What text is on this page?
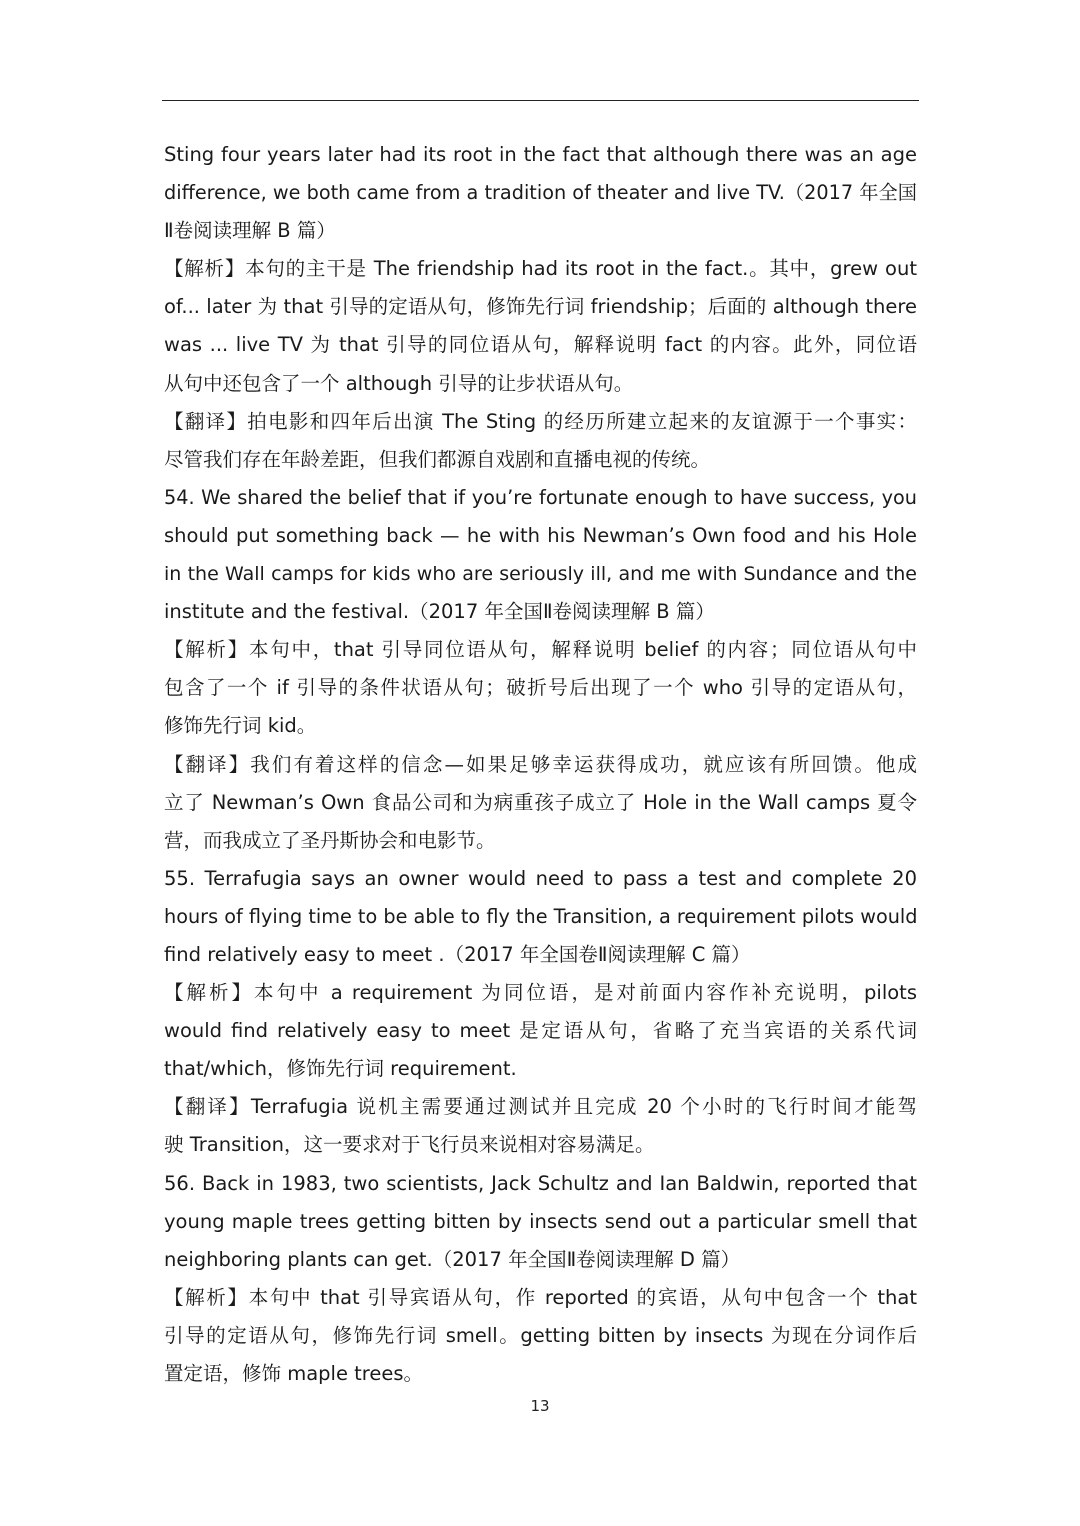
Sting four years later had its root in the fact that although there was an age
difference, we both came from a tradition of theater and live TV.（2017 年全国
Ⅱ卷阅读理解 B 篇）
【解析】本句的主干是 The friendship had its root in the fact.。其中，grew out
of... later 为 that 引导的定语从句，修饰先行词 friendship；后面的 although there
was ... live TV 为 that 引导的同位语从句，解释说明 fact 的内容。此外，同位语
从句中还包含了一个 although 引导的让步状语从句。
【翻译】拍电影和四年后出演 The Sting 的经历所建立起来的友谊源于一个事实：
尽管我们存在年龄差距，但我们都源自戏剧和直播电视的传统。
54. We shared the belief that if you’re fortunate enough to have success, you
should put something back — he with his Newman’s Own food and his Hole
in the Wall camps for kids who are seriously ill, and me with Sundance and the
institute and the festival.（2017 年全国Ⅱ卷阅读理解 B 篇）
【解析】本句中，that 引导同位语从句，解释说明 belief 的内容；同位语从句中
包含了一个 if 引导的条件状语从句；破折号后出现了一个 who 引导的定语从句，
修饰先行词 kid。
【翻译】我们有着这样的信念—如果足够幸运获得成功，就应该有所回馈。他成
立了 Newman’s Own 食品公司和为病重孩子成立了 Hole in the Wall camps 夏令
营，而我成立了圣丹斯协会和电影节。
55. Terrafugia says an owner would need to pass a test and complete 20
hours of flying time to be able to fly the Transition, a requirement pilots would
find relatively easy to meet .（2017 年全国卷Ⅱ阅读理解 C 篇）
【解析】本句中 a requirement 为同位语，是对前面内容作补充说明，pilots
would find relatively easy to meet 是定语从句，省略了充当宾语的关系代词
that/which，修饰先行词 requirement.
【翻译】Terrafugia 说机主需要通过测试并且完成 20 个小时的飞行时间才能驾
驶 Transition，这一要求对于飞行员来说相对容易满足。
56. Back in 1983, two scientists, Jack Schultz and Ian Baldwin, reported that
young maple trees getting bitten by insects send out a particular smell that
neighboring plants can get.（2017 年全国Ⅱ卷阅读理解 D 篇）
【解析】本句中 that 引导宾语从句，作 reported 的宾语，从句中包含一个 that
引导的定语从句，修饰先行词 smell。getting bitten by insects 为现在分词作后
置定语，修饰 maple trees。
13
